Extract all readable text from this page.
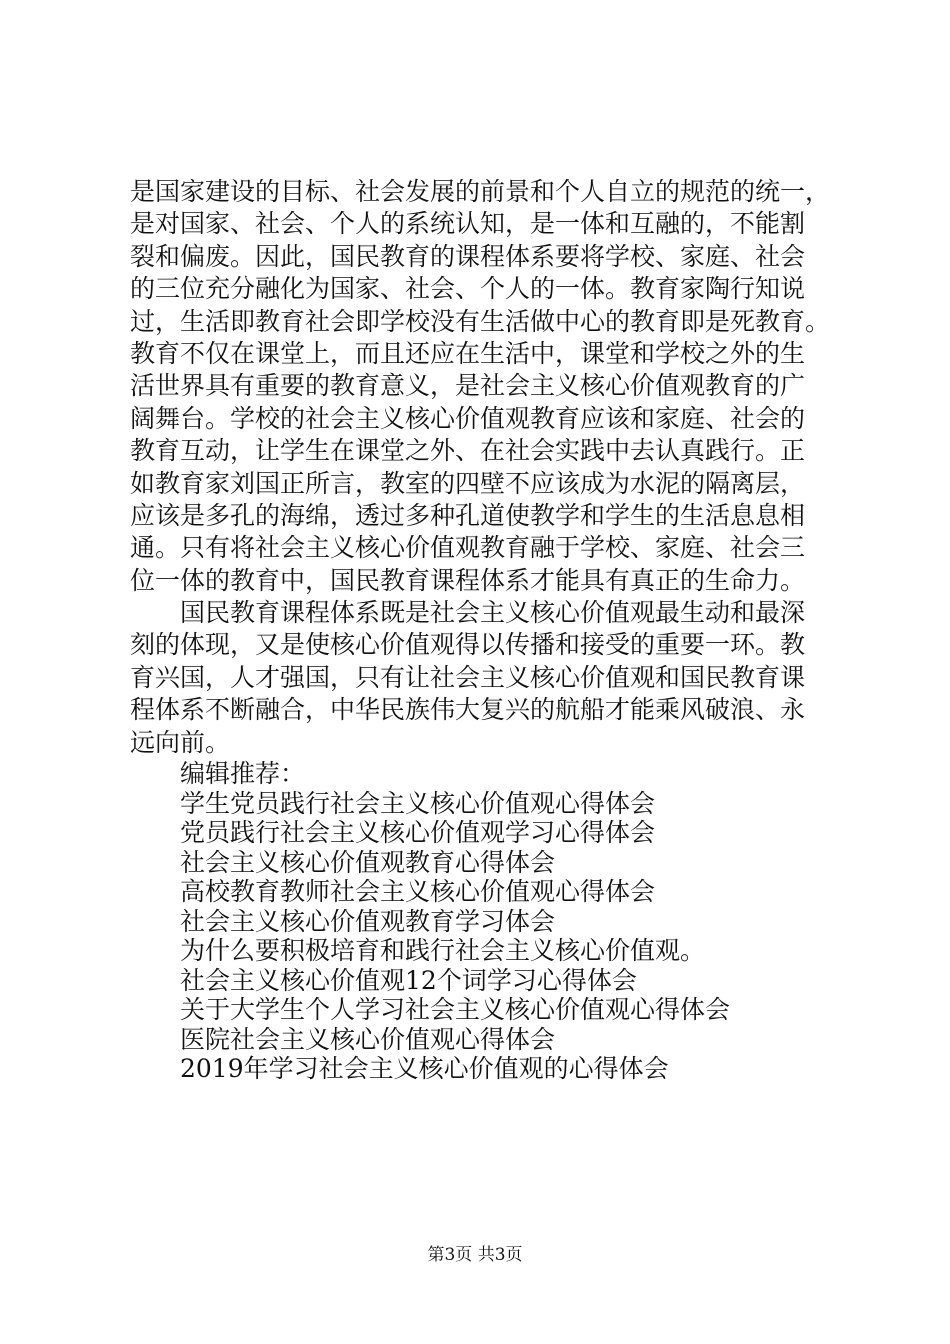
是国家建设的目标、社会发展的前景和个人自立的规范的统一，
是对国家、社会、个人的系统认知，是一体和互融的，不能割
裂和偏废。因此，国民教育的课程体系要将学校、家庭、社会
的三位充分融化为国家、社会、个人的一体。教育家陶行知说
过，生活即教育社会即学校没有生活做中心的教育即是死教育。
教育不仅在课堂上，而且还应在生活中，课堂和学校之外的生
活世界具有重要的教育意义，是社会主义核心价值观教育的广
阔舞台。学校的社会主义核心价值观教育应该和家庭、社会的
教育互动，让学生在课堂之外、在社会实践中去认真践行。正
如教育家刘国正所言，教室的四壁不应该成为水泥的隔离层，
应该是多孔的海绵，透过多种孔道使教学和学生的生活息息相
通。只有将社会主义核心价值观教育融于学校、家庭、社会三
位一体的教育中，国民教育课程体系才能具有真正的生命力。
国民教育课程体系既是社会主义核心价值观最生动和最深
刻的体现，又是使核心价值观得以传播和接受的重要一环。教
育兴国，人才强国，只有让社会主义核心价值观和国民教育课
程体系不断融合，中华民族伟大复兴的航船才能乘风破浪、永
远向前。
编辑推荐：
学生党员践行社会主义核心价值观心得体会
党员践行社会主义核心价值观学习心得体会
社会主义核心价值观教育心得体会
高校教育教师社会主义核心价值观心得体会
社会主义核心价值观教育学习体会
为什么要积极培育和践行社会主义核心价值观。
社会主义核心价值观12个词学习心得体会
关于大学生个人学习社会主义核心价值观心得体会
医院社会主义核心价值观心得体会
2019年学习社会主义核心价值观的心得体会
第3页 共3页
